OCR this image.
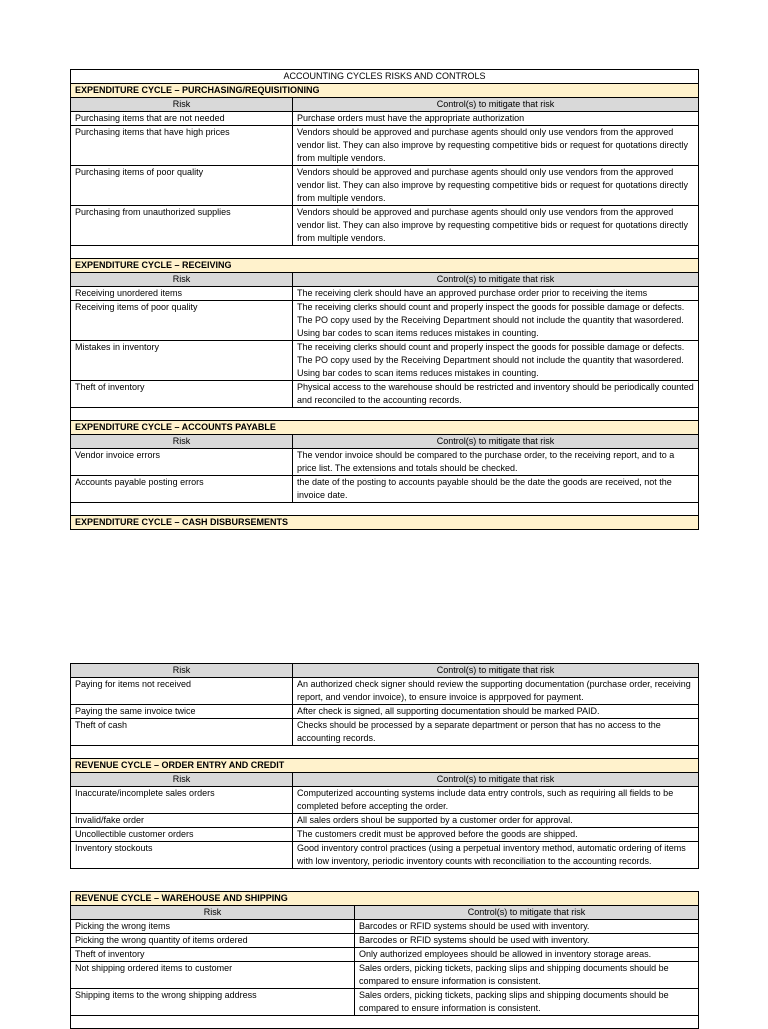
ACCOUNTING CYCLES RISKS AND CONTROLS	
EXPENDITURE CYCLE – PURCHASING/REQUISITIONING	
Risk	Control(s) to mitigate that risk
Purchasing items that are not needed	Purchase orders must have the appropriate authorization
Purchasing items that have high prices	Vendors should be approved and purchase agents should only use vendors from the approved vendor list. They can also improve by requesting competitive bids or request for quotations directly from multiple vendors.
Purchasing items of poor quality	Vendors should be approved and purchase agents should only use vendors from the approved vendor list. They can also improve by requesting competitive bids or request for quotations directly from multiple vendors.
Purchasing from unauthorized supplies	Vendors should be approved and purchase agents should only use vendors from the approved vendor list. They can also improve by requesting competitive bids or request for quotations directly from multiple vendors.

EXPENDITURE CYCLE – RECEIVING	
Risk	Control(s) to mitigate that risk
Receiving unordered items	The receiving clerk should have an approved purchase order prior to receiving the items
Receiving items of poor quality	The receiving clerks should count and properly inspect the goods for possible damage or defects. The PO copy used by the Receiving Department should not include the quantity that wasordered. Using bar codes to scan items reduces mistakes in counting.
Mistakes in inventory	The receiving clerks should count and properly inspect the goods for possible damage or defects. The PO copy used by the Receiving Department should not include the quantity that wasordered. Using bar codes to scan items reduces mistakes in counting.
Theft of inventory	Physical access to the warehouse should be restricted and inventory should be periodically counted and reconciled to the accounting records.

EXPENDITURE CYCLE – ACCOUNTS PAYABLE	
Risk	Control(s) to mitigate that risk
Vendor invoice errors	The vendor invoice should be compared to the purchase order, to the receiving report, and to a price list. The extensions and totals should be checked.
Accounts payable posting errors	the date of the posting to accounts payable should be the date the goods are received, not the invoice date.

EXPENDITURE CYCLE – CASH DISBURSEMENTS	
Risk	Control(s) to mitigate that risk
Paying for items not received	An authorized check signer should review the supporting documentation (purchase order, receiving report, and vendor invoice), to ensure invoice is apprpoved for payment.
Paying the same invoice twice	After check is signed, all supporting documentation should be marked PAID.
Theft of cash	Checks should be processed by a separate department or person that has no access to the accounting records.

REVENUE CYCLE – ORDER ENTRY AND CREDIT	
Risk	Control(s) to mitigate that risk
Inaccurate/incomplete sales orders	Computerized accounting systems include data entry controls, such as requiring all fields to be completed before accepting the order.
Invalid/fake order	All sales orders shoul be supported by a customer order for approval.
Uncollectible customer orders	The customers credit must be approved before the goods are shipped.
Inventory stockouts	Good inventory control practices (using a perpetual inventory method, automatic ordering of items with low inventory, periodic inventory counts with reconciliation to the accounting records.
REVENUE CYCLE – WAREHOUSE AND SHIPPING	
Risk	Control(s) to mitigate that risk
Picking the wrong items	Barcodes or RFID systems should be used with inventory.
Picking the wrong quantity of items ordered	Barcodes or RFID systems should be used with inventory.
Theft of inventory	Only authorized employees should be allowed in inventory storage areas.
Not shipping ordered items to customer	Sales orders, picking tickets, packing slips and shipping documents should be compared to ensure information is consistent.
Shipping items to the wrong shipping address	Sales orders, picking tickets, packing slips and shipping documents should be compared to ensure information is consistent.
